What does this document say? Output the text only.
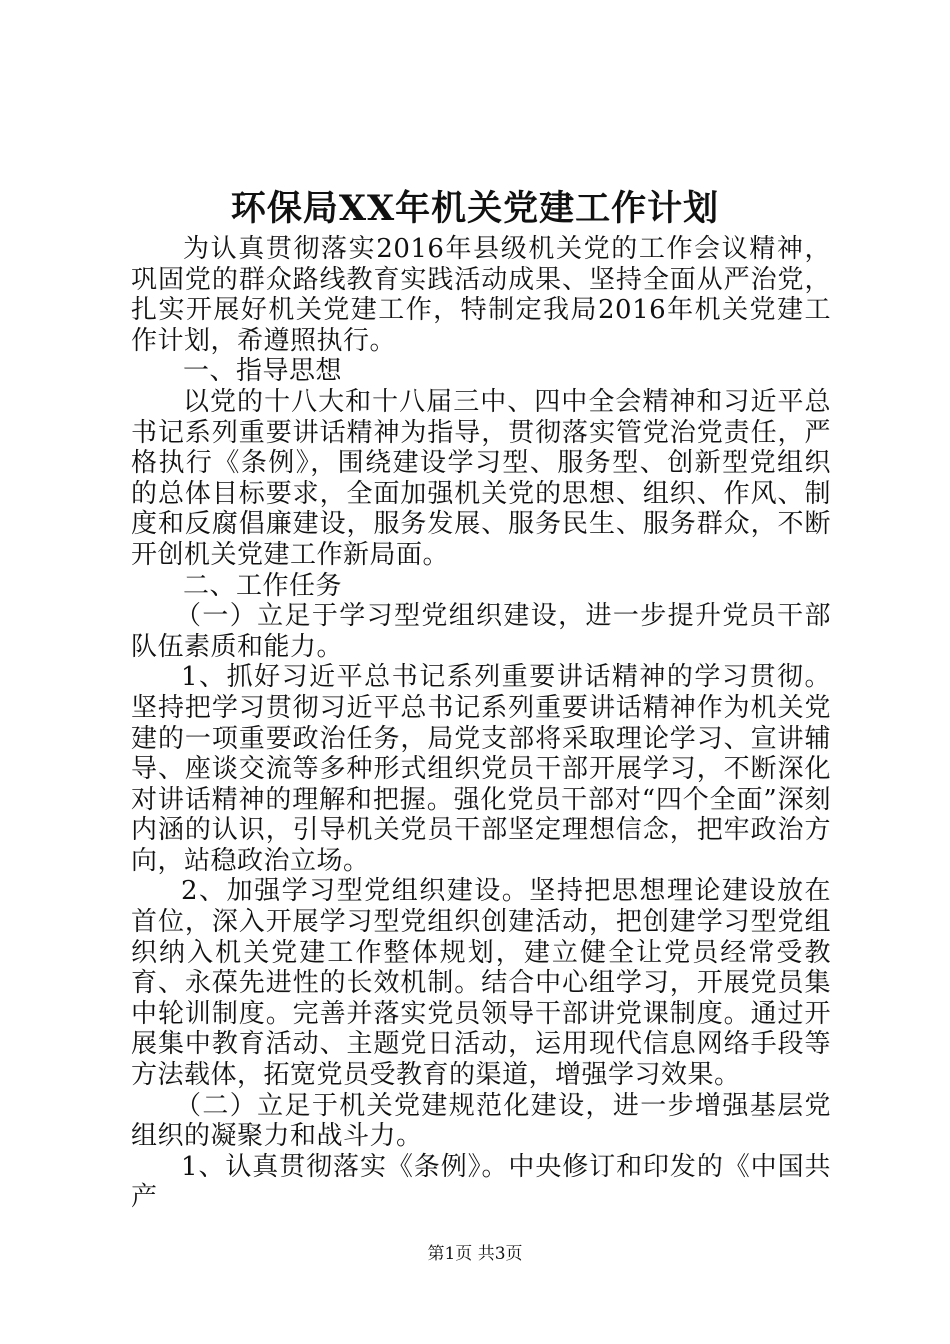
环保局XX年机关党建工作计划

为认真贯彻落实2016年县级机关党的工作会议精神，巩固党的群众路线教育实践活动成果、坚持全面从严治党，扎实开展好机关党建工作，特制定我局2016年机关党建工作计划，希遵照执行。

一、指导思想

以党的十八大和十八届三中、四中全会精神和习近平总书记系列重要讲话精神为指导，贯彻落实管党治党责任，严格执行《条例》，围绕建设学习型、服务型、创新型党组织的总体目标要求，全面加强机关党的思想、组织、作风、制度和反腐倡廉建设，服务发展、服务民生、服务群众，不断开创机关党建工作新局面。

二、工作任务

（一）立足于学习型党组织建设，进一步提升党员干部队伍素质和能力。

1、抓好习近平总书记系列重要讲话精神的学习贯彻。坚持把学习贯彻习近平总书记系列重要讲话精神作为机关党建的一项重要政治任务，局党支部将采取理论学习、宣讲辅导、座谈交流等多种形式组织党员干部开展学习，不断深化对讲话精神的理解和把握。强化党员干部对“四个全面”深刻内涵的认识，引导机关党员干部坚定理想信念，把牢政治方向，站稳政治立场。

2、加强学习型党组织建设。坚持把思想理论建设放在首位，深入开展学习型党组织创建活动，把创建学习型党组织纳入机关党建工作整体规划，建立健全让党员经常受教育、永葆先进性的长效机制。结合中心组学习，开展党员集中轮训制度。完善并落实党员领导干部讲党课制度。通过开展集中教育活动、主题党日活动，运用现代信息网络手段等方法载体，拓宽党员受教育的渠道，增强学习效果。

（二）立足于机关党建规范化建设，进一步增强基层党组织的凝聚力和战斗力。

1、认真贯彻落实《条例》。中央修订和印发的《中国共产

第1页 共3页
